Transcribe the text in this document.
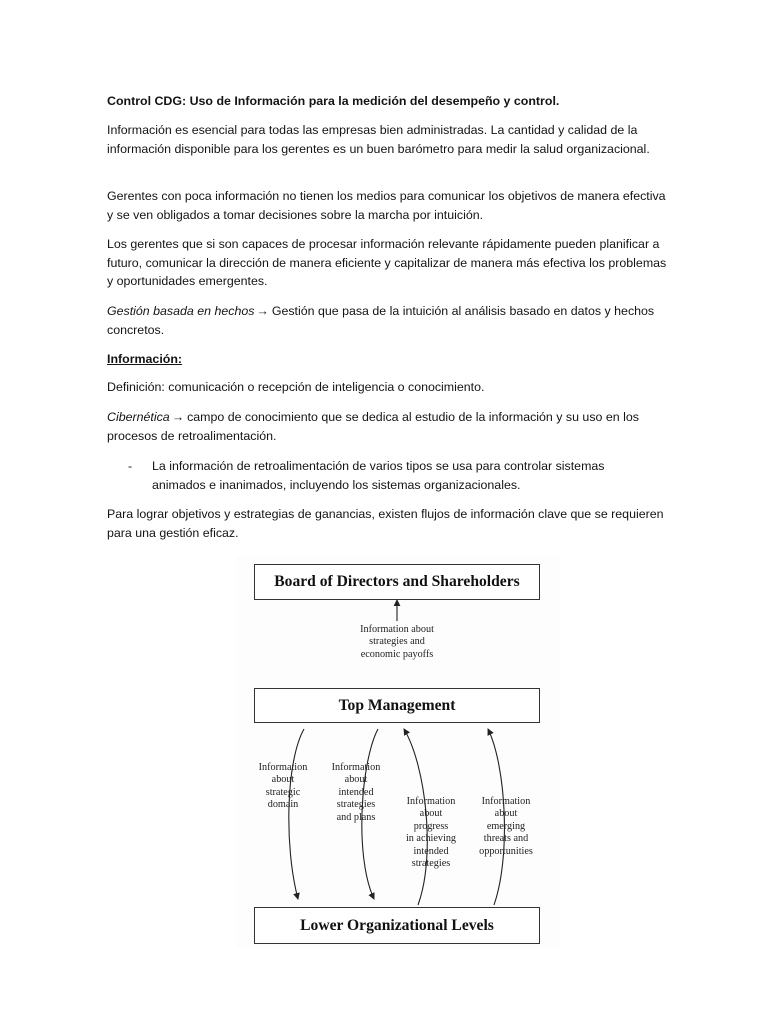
Control CDG: Uso de Información para la medición del desempeño y control.

Información es esencial para todas las empresas bien administradas. La cantidad y calidad de la información disponible para los gerentes es un buen barómetro para medir la salud organizacional.

Gerentes con poca información no tienen los medios para comunicar los objetivos de manera efectiva y se ven obligados a tomar decisiones sobre la marcha por intuición.

Los gerentes que si son capaces de procesar información relevante rápidamente pueden planificar a futuro, comunicar la dirección de manera eficiente y capitalizar de manera más efectiva los problemas y oportunidades emergentes.

Gestión basada en hechos → Gestión que pasa de la intuición al análisis basado en datos y hechos concretos.

Información:

Definición: comunicación o recepción de inteligencia o conocimiento.

Cibernética → campo de conocimiento que se dedica al estudio de la información y su uso en los procesos de retroalimentación.

- La información de retroalimentación de varios tipos se usa para controlar sistemas animados e inanimados, incluyendo los sistemas organizacionales.

Para lograr objetivos y estrategias de ganancias, existen flujos de información clave que se requieren para una gestión eficaz.

Board of Directors and Shareholders
Information about
strategies and
economic payoffs
Top Management
Information
about
strategic
domain
Information
about
intended
strategies
and plans
Information
about
progress
in achieving
intended
strategies
Information
about
emerging
threats and
opportunities
Lower Organizational Levels
